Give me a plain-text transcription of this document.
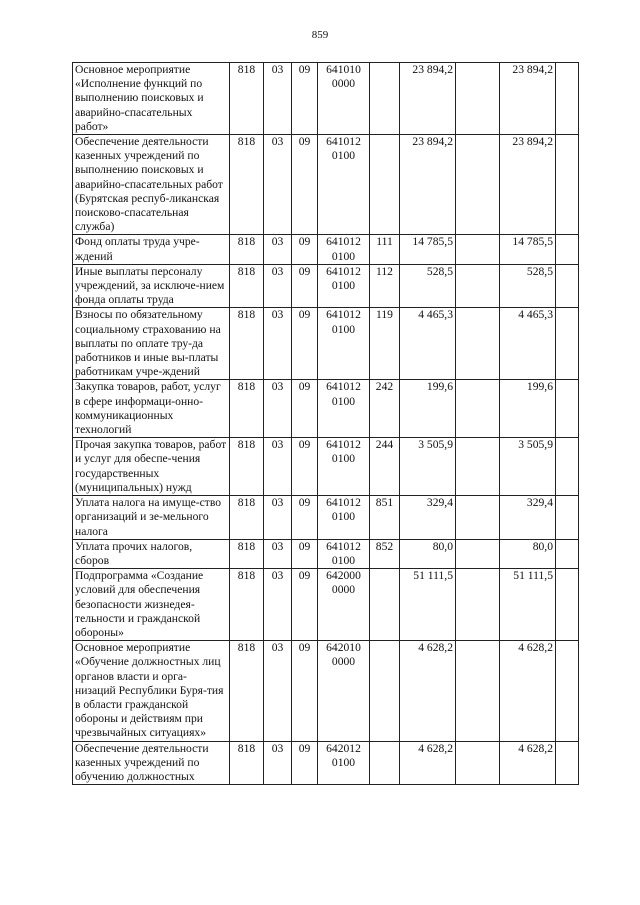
859
Основное мероприятие «Исполнение функций по выполнению поисковых и аварийно-спасательных работ»	818	03	09	641010 0000		23 894,2		23 894,2	
Обеспечение деятельности казенных учреждений по выполнению поисковых и аварийно-спасательных работ (Бурятская респуб-ликанская поисково-спасательная служба)	818	03	09	641012 0100		23 894,2		23 894,2	
Фонд оплаты труда учре-ждений	818	03	09	641012 0100	111	14 785,5		14 785,5	
Иные выплаты персоналу учреждений, за исключе-нием фонда оплаты труда	818	03	09	641012 0100	112	528,5		528,5	
Взносы по обязательному социальному страхованию на выплаты по оплате тру-да работников и иные вы-платы работникам учре-ждений	818	03	09	641012 0100	119	4 465,3		4 465,3	
Закупка товаров, работ, услуг в сфере информаци-онно-коммуникационных технологий	818	03	09	641012 0100	242	199,6		199,6	
Прочая закупка товаров, работ и услуг для обеспе-чения государственных (муниципальных) нужд	818	03	09	641012 0100	244	3 505,9		3 505,9	
Уплата налога на имуще-ство организаций и зе-мельного налога	818	03	09	641012 0100	851	329,4		329,4	
Уплата прочих налогов, сборов	818	03	09	641012 0100	852	80,0		80,0	
Подпрограмма «Создание условий для обеспечения безопасности жизнедея-тельности и гражданской обороны»	818	03	09	642000 0000		51 111,5		51 111,5	
Основное мероприятие «Обучение должностных лиц органов власти и орга-низаций Республики Буря-тия в области гражданской обороны и действиям при чрезвычайных ситуациях»	818	03	09	642010 0000		4 628,2		4 628,2	
Обеспечение деятельности казенных учреждений по обучению должностных	818	03	09	642012 0100		4 628,2		4 628,2	
